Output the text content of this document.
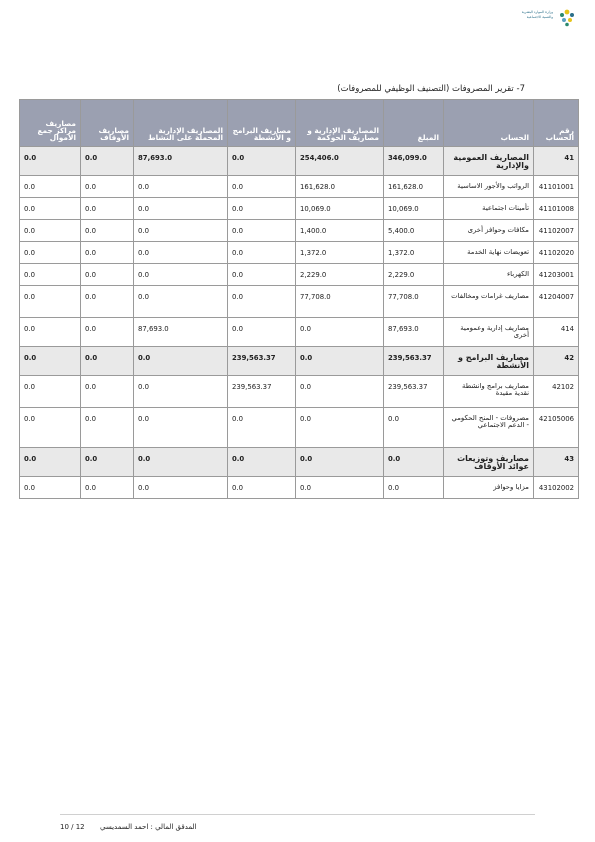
وزارة الموارد البشرية والتنمية الاجتماعية
7- تقرير المصروفات (التصنيف الوظيفي للمصروفات)
رقم الحساب	الحساب	المبلغ	المصاريف الإدارية و مصاريف الحوكمة	مصاريف البرامج و الأنشطة	المصاريف الإدارية المحملة على النشاط	مصاريف الأوقاف	مصاريف مراكز جمع الأموال
41	المصاريف العمومية والإدارية	346,099.0	254,406.0	0.0	87,693.0	0.0	0.0
41101001	الرواتب والأجور الاساسية	161,628.0	161,628.0	0.0	0.0	0.0	0.0
41101008	تأمينات اجتماعية	10,069.0	10,069.0	0.0	0.0	0.0	0.0
41102007	مكافات وحوافز أخرى	5,400.0	1,400.0	0.0	0.0	0.0	0.0
41102020	تعويضات نهاية الخدمة	1,372.0	1,372.0	0.0	0.0	0.0	0.0
41203001	الكهرباء	2,229.0	2,229.0	0.0	0.0	0.0	0.0
41204007	مصاريف غرامات ومخالفات	77,708.0	77,708.0	0.0	0.0	0.0	0.0
414	مصاريف إدارية وعمومية أخرى	87,693.0	0.0	0.0	87,693.0	0.0	0.0
42	مصاريف البرامج و الأنشطة	239,563.37	0.0	239,563.37	0.0	0.0	0.0
42102	مصاريف برامج وانشطة نقدية مقيدة	239,563.37	0.0	239,563.37	0.0	0.0	0.0
42105006	مصروفات - المنح الحكومي - الدعم الاجتماعي	0.0	0.0	0.0	0.0	0.0	0.0
43	مصاريف وتوزيعات عوائد الأوقاف	0.0	0.0	0.0	0.0	0.0	0.0
43102002	مزايا وحوافز	0.0	0.0	0.0	0.0	0.0	0.0
10 / 12 المدقق المالي : احمد السمديسي
